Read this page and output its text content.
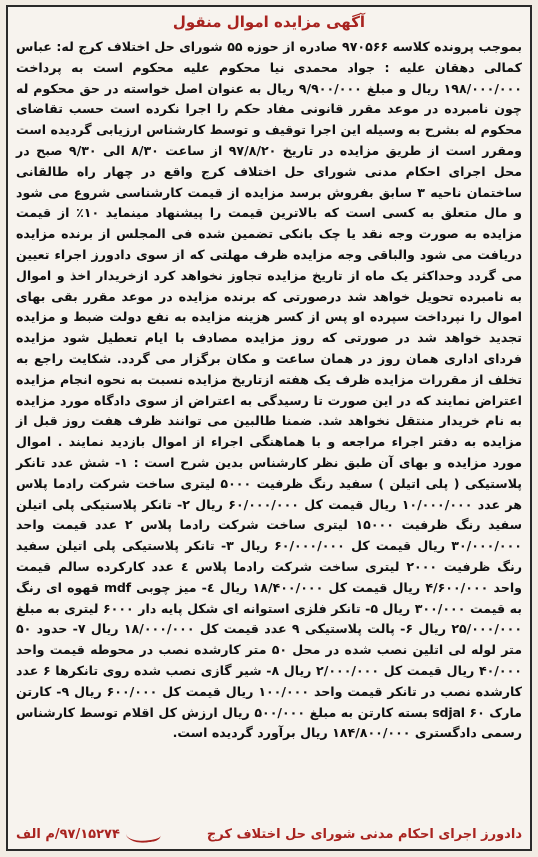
آگهی مزایده اموال منقول

بموجب پرونده کلاسه ۹۷۰۵۶۶ صادره از حوزه ۵۵ شورای حل اختلاف کرج له: عباس کمالی دهقان علیه : جواد محمدی نیا محکوم علیه محکوم است به پرداخت ۱۹۸/۰۰۰/۰۰۰ ریال و مبلغ ۹/۹۰۰/۰۰۰ ریال به عنوان اصل خواسته در حق محکوم له چون نامبرده در موعد مقرر قانونی مفاد حکم را اجرا نکرده است حسب تقاضای محکوم له بشرح به وسیله این اجرا توقیف و توسط کارشناس ارزیابی گردیده است ومقرر است از طریق مزایده در تاریخ ۹۷/۸/۲۰ از ساعت ۸/۳۰ الی ۹/۳۰ صبح در محل اجرای احکام مدنی شورای حل اختلاف کرج واقع در چهار راه طالقانی ساختمان ناحیه ۳ سابق بفروش برسد مزایده از قیمت کارشناسی شروع می شود و مال متعلق به کسی است که بالاترین قیمت را پیشنهاد مینماید ۱۰٪ از قیمت مزایده به صورت وجه نقد یا چک بانکی تضمین شده فی المجلس از برنده مزایده دریافت می شود والباقی وجه مزایده ظرف مهلتی که از سوی دادورز اجراء تعیین می گردد وحداکثر یک ماه از تاریخ مزایده تجاوز نخواهد کرد ازخریدار اخذ و اموال به نامبرده تحویل خواهد شد درصورتی که برنده مزایده در موعد مقرر بقی بهای اموال را نپرداخت سپرده او پس از کسر هزینه مزایده به نفع دولت ضبط و مزایده تجدید خواهد شد در صورتی که روز مزایده مصادف با ایام تعطیل شود مزایده فردای اداری همان روز در همان ساعت و مکان برگزار می گردد. شکایت راجع به تخلف از مقررات مزایده ظرف یک هفته ازتاریخ مزایده نسبت به نحوه انجام مزایده اعتراض نمایند که در این صورت تا رسیدگی به اعتراض از سوی دادگاه مورد مزایده به نام خریدار منتقل نخواهد شد. ضمنا طالبین می توانند ظرف هفت روز قبل از مزایده به دفتر اجراء مراجعه و با هماهنگی اجراء از اموال بازدید نمایند . اموال مورد مزایده و بهای آن طبق نظر کارشناس بدین شرح است : ۱- شش عدد تانکر پلاستیکی ( پلی اتیلن ) سفید رنگ ظرفیت ۵۰۰۰ لیتری ساخت شرکت رادما پلاس هر عدد ۱۰/۰۰۰/۰۰۰ ریال قیمت کل ۶۰/۰۰۰/۰۰۰ ریال ۲- تانکر پلاستیکی پلی اتیلن سفید رنگ ظرفیت ۱۵۰۰۰ لیتری ساخت شرکت رادما پلاس ۲ عدد قیمت واحد ۳۰/۰۰۰/۰۰۰ ریال قیمت کل ۶۰/۰۰۰/۰۰۰ ریال ۳- تانکر پلاستیکی پلی اتیلن سفید رنگ ظرفیت ۲۰۰۰ لیتری ساخت شرکت رادما پلاس ٤ عدد کارکرده سالم قیمت واحد ۴/۶۰۰/۰۰۰ ریال قیمت کل ۱۸/۴۰۰/۰۰۰ ریال ٤- میز چوبی mdf قهوه ای رنگ به قیمت ۳۰۰/۰۰۰ ریال ۵- تانکر فلزی استوانه ای شکل پایه دار ۶۰۰۰ لیتری به مبلغ ۲۵/۰۰۰/۰۰۰ ریال ۶- پالت پلاستیکی ۹ عدد قیمت کل ۱۸/۰۰۰/۰۰۰ ریال ۷- حدود ۵۰ متر لوله لی اتلین نصب شده در محل ۵۰ متر کارشده نصب در محوطه قیمت واحد ۴۰/۰۰۰ ریال قیمت کل ۲/۰۰۰/۰۰۰ ریال ۸- شیر گازی نصب شده روی تانکرها ۶ عدد کارشده نصب در تانکر قیمت واحد ۱۰۰/۰۰۰ ریال قیمت کل ۶۰۰/۰۰۰ ریال ۹- کارتن مارک ۶۰ sdjal بسته کارتن به مبلغ ۵۰۰/۰۰۰ ریال ارزش کل اقلام توسط کارشناس رسمی دادگستری ۱۸۴/۸۰۰/۰۰۰ ریال برآورد گردیده است.

دادورز اجرای احکام مدنی شورای حل اختلاف کرج
۹۷/۱۵۲۷۴/م الف
